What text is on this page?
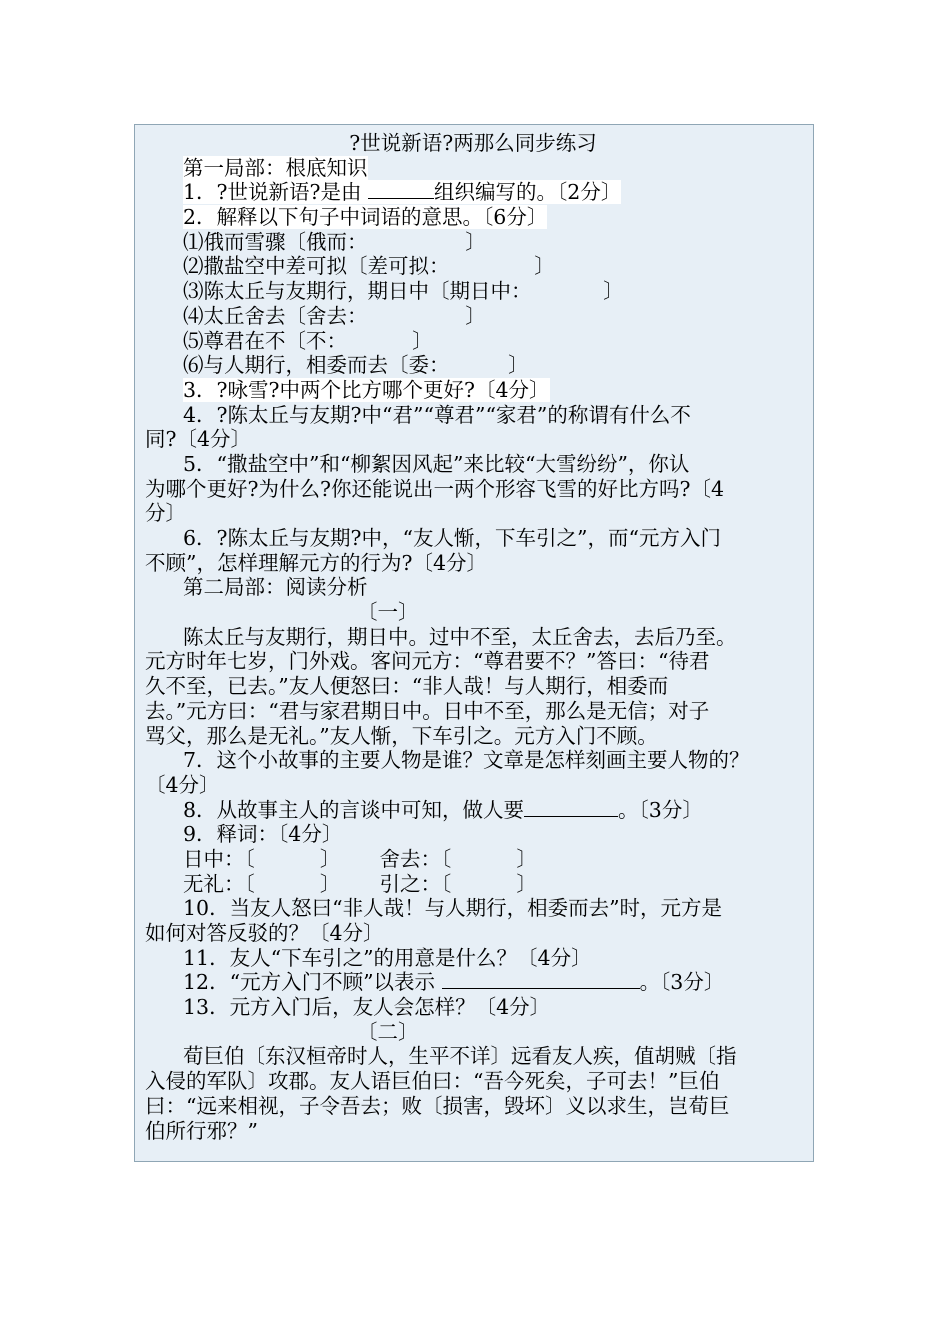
?世说新语?两那么同步练习
第一局部：根底知识
1．?世说新语?是由	组织编写的。〔2分〕
2．解释以下句子中词语的意思。〔6分〕
⑴俄而雪骤〔俄而：               〕
⑵撒盐空中差可拟〔差可拟：             〕
⑶陈太丘与友期行，期日中〔期日中：           〕
⑷太丘舍去〔舍去：               〕
⑸尊君在不〔不：          〕
⑹与人期行，相委而去〔委：         〕
3．?咏雪?中两个比方哪个更好?〔4分〕
4．?陈太丘与友期?中“君”“尊君”“家君”的称谓有什么不
同?〔4分〕
5．“撒盐空中”和“柳絮因风起”来比较“大雪纷纷”，你认
为哪个更好?为什么?你还能说出一两个形容飞雪的好比方吗?〔4
分〕
6．?陈太丘与友期?中，“友人惭，下车引之”，而“元方入门
不顾”，怎样理解元方的行为?〔4分〕
第二局部：阅读分析
〔一〕
陈太丘与友期行，期日中。过中不至，太丘舍去，去后乃至。
元方时年七岁，门外戏。客问元方：“尊君要不？”答曰：“待君
久不至，已去。”友人便怒曰：“非人哉！与人期行，相委而
去。”元方曰：“君与家君期日中。日中不至，那么是无信；对子
骂父，那么是无礼。”友人惭，下车引之。元方入门不顾。
7．这个小故事的主要人物是谁？文章是怎样刻画主要人物的？
〔4分〕
8．从故事主人的言谈中可知，做人要	。〔3分〕
9．释词：〔4分〕
日中：〔          〕      舍去：〔          〕
无礼：〔          〕      引之：〔          〕
10．当友人怒曰“非人哉！与人期行，相委而去”时，元方是
如何对答反驳的？〔4分〕
11．友人“下车引之”的用意是什么？〔4分〕
12．“元方入门不顾”以表示	。〔3分〕
13．元方入门后，友人会怎样？〔4分〕
〔二〕
荀巨伯〔东汉桓帝时人，生平不详〕远看友人疾，值胡贼〔指
入侵的军队〕攻郡。友人语巨伯曰：“吾今死矣，子可去！”巨伯
曰：“远来相视，子令吾去；败〔损害，毁坏〕义以求生，岂荀巨
伯所行邪？”
